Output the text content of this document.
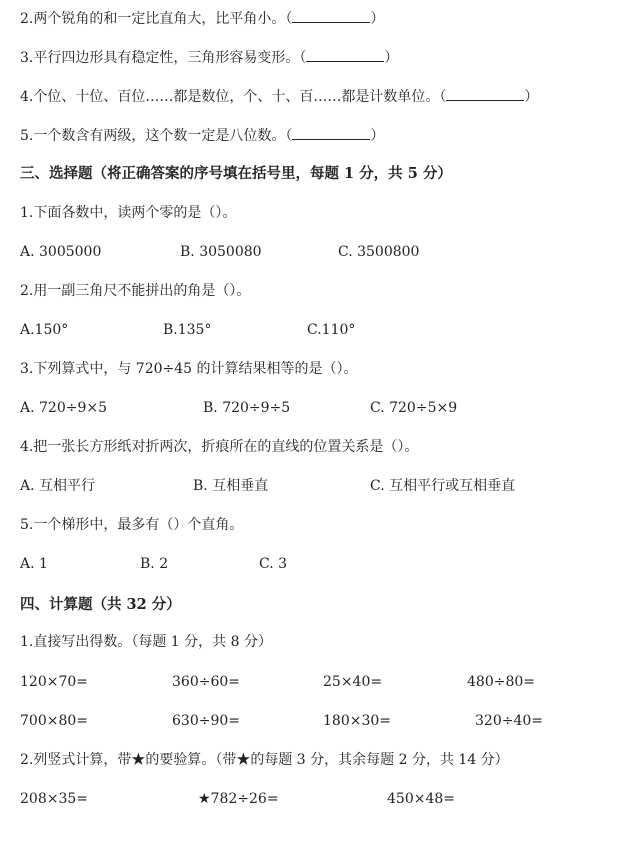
2.两个锐角的和一定比直角大，比平角小。（	）
3.平行四边形具有稳定性，三角形容易变形。（	）
4.个位、十位、百位……都是数位，个、十、百……都是计数单位。（	）
5.一个数含有两级，这个数一定是八位数。（	）
三、选择题（将正确答案的序号填在括号里，每题 1 分，共 5 分）
1.下面各数中，读两个零的是（）。
A. 3005000	B. 3050080	C. 3500800
2.用一副三角尺不能拼出的角是（）。
A.150°	B.135°	C.110°
3.下列算式中，与 720÷45 的计算结果相等的是（）。
A. 720÷9×5	B. 720÷9÷5	C. 720÷5×9
4.把一张长方形纸对折两次，折痕所在的直线的位置关系是（）。
A. 互相平行	B. 互相垂直	C. 互相平行或互相垂直
5.一个梯形中，最多有（）个直角。
A. 1	B. 2	C. 3
四、计算题（共 32 分）
1.直接写出得数。（每题 1 分，共 8 分）
120×70=	360÷60=	25×40=	480÷80=
700×80=	630÷90=	180×30=	320÷40=
2.列竖式计算，带★的要验算。（带★的每题 3 分，其余每题 2 分，共 14 分）
208×35=	★782÷26=	450×48=
